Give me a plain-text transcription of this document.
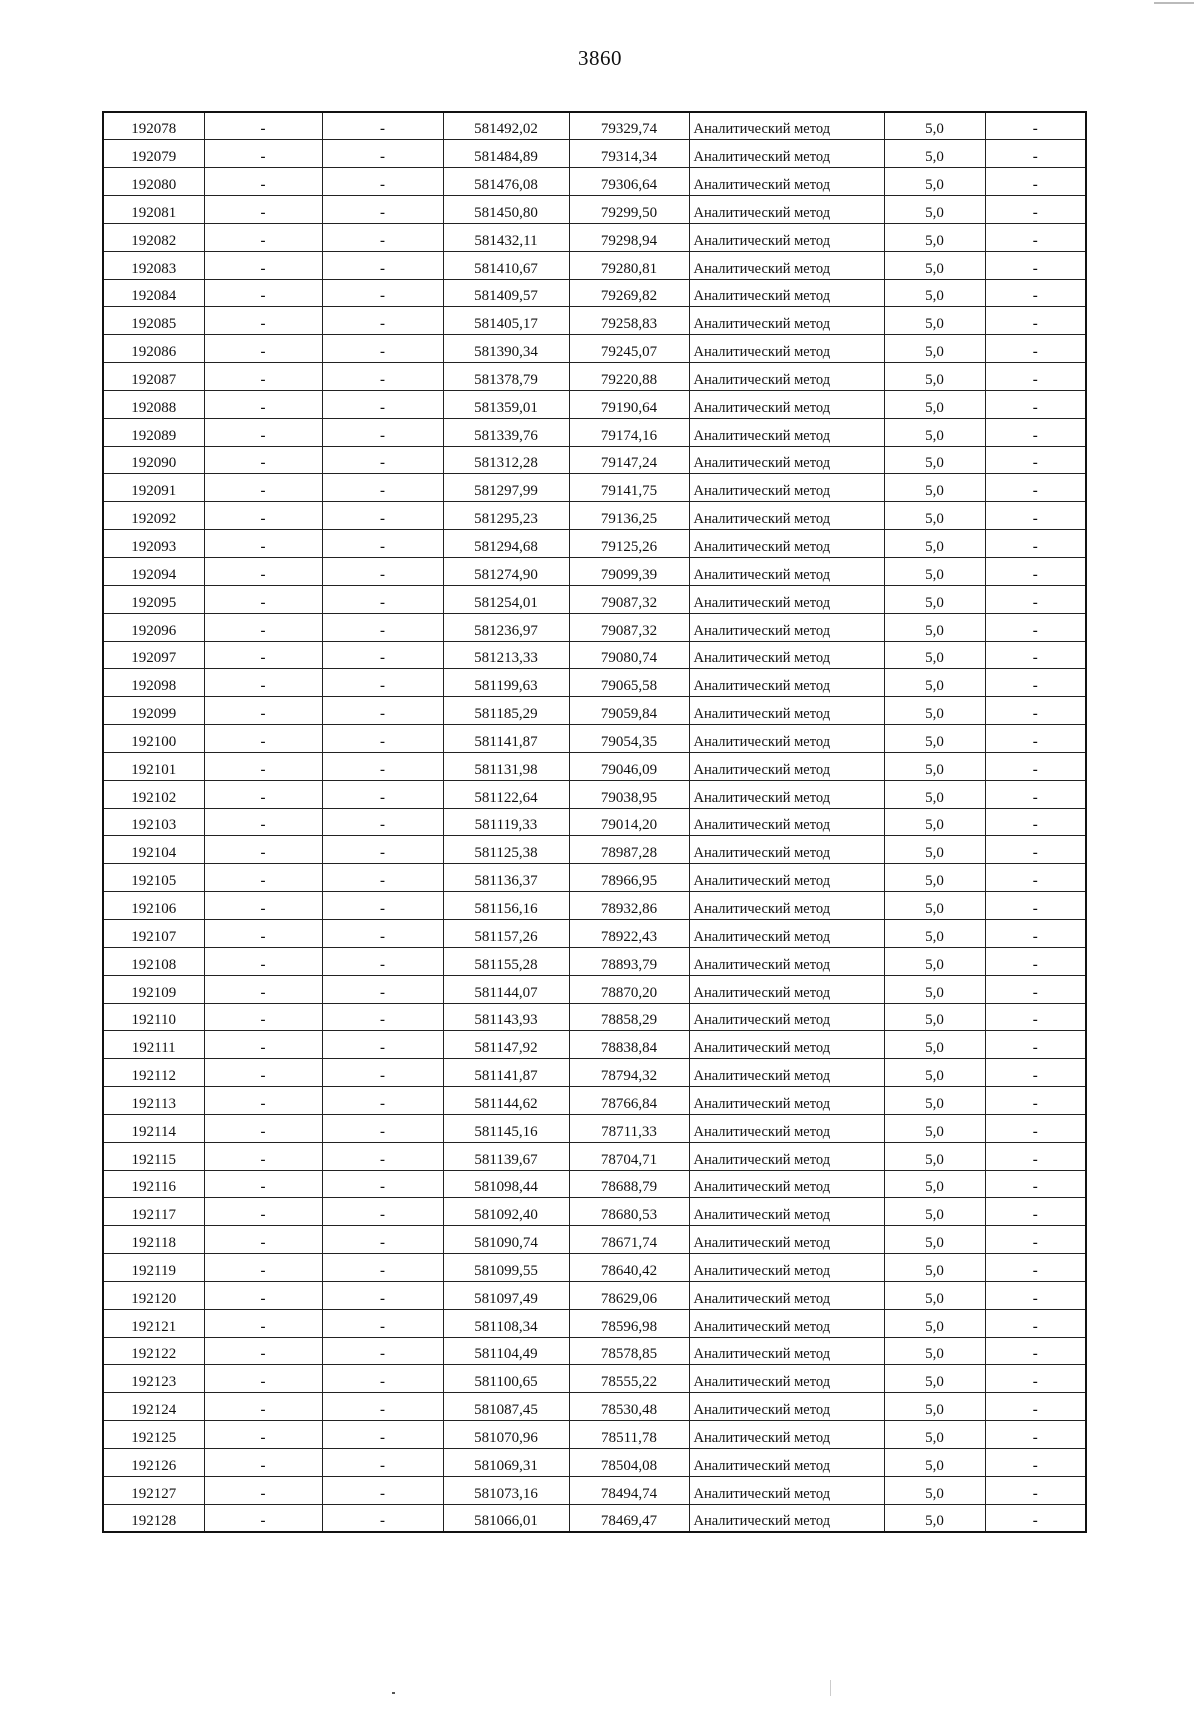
3860
192078	-	-	581492,02	79329,74	Аналитический метод	5,0	-
192079	-	-	581484,89	79314,34	Аналитический метод	5,0	-
192080	-	-	581476,08	79306,64	Аналитический метод	5,0	-
192081	-	-	581450,80	79299,50	Аналитический метод	5,0	-
192082	-	-	581432,11	79298,94	Аналитический метод	5,0	-
192083	-	-	581410,67	79280,81	Аналитический метод	5,0	-
192084	-	-	581409,57	79269,82	Аналитический метод	5,0	-
192085	-	-	581405,17	79258,83	Аналитический метод	5,0	-
192086	-	-	581390,34	79245,07	Аналитический метод	5,0	-
192087	-	-	581378,79	79220,88	Аналитический метод	5,0	-
192088	-	-	581359,01	79190,64	Аналитический метод	5,0	-
192089	-	-	581339,76	79174,16	Аналитический метод	5,0	-
192090	-	-	581312,28	79147,24	Аналитический метод	5,0	-
192091	-	-	581297,99	79141,75	Аналитический метод	5,0	-
192092	-	-	581295,23	79136,25	Аналитический метод	5,0	-
192093	-	-	581294,68	79125,26	Аналитический метод	5,0	-
192094	-	-	581274,90	79099,39	Аналитический метод	5,0	-
192095	-	-	581254,01	79087,32	Аналитический метод	5,0	-
192096	-	-	581236,97	79087,32	Аналитический метод	5,0	-
192097	-	-	581213,33	79080,74	Аналитический метод	5,0	-
192098	-	-	581199,63	79065,58	Аналитический метод	5,0	-
192099	-	-	581185,29	79059,84	Аналитический метод	5,0	-
192100	-	-	581141,87	79054,35	Аналитический метод	5,0	-
192101	-	-	581131,98	79046,09	Аналитический метод	5,0	-
192102	-	-	581122,64	79038,95	Аналитический метод	5,0	-
192103	-	-	581119,33	79014,20	Аналитический метод	5,0	-
192104	-	-	581125,38	78987,28	Аналитический метод	5,0	-
192105	-	-	581136,37	78966,95	Аналитический метод	5,0	-
192106	-	-	581156,16	78932,86	Аналитический метод	5,0	-
192107	-	-	581157,26	78922,43	Аналитический метод	5,0	-
192108	-	-	581155,28	78893,79	Аналитический метод	5,0	-
192109	-	-	581144,07	78870,20	Аналитический метод	5,0	-
192110	-	-	581143,93	78858,29	Аналитический метод	5,0	-
192111	-	-	581147,92	78838,84	Аналитический метод	5,0	-
192112	-	-	581141,87	78794,32	Аналитический метод	5,0	-
192113	-	-	581144,62	78766,84	Аналитический метод	5,0	-
192114	-	-	581145,16	78711,33	Аналитический метод	5,0	-
192115	-	-	581139,67	78704,71	Аналитический метод	5,0	-
192116	-	-	581098,44	78688,79	Аналитический метод	5,0	-
192117	-	-	581092,40	78680,53	Аналитический метод	5,0	-
192118	-	-	581090,74	78671,74	Аналитический метод	5,0	-
192119	-	-	581099,55	78640,42	Аналитический метод	5,0	-
192120	-	-	581097,49	78629,06	Аналитический метод	5,0	-
192121	-	-	581108,34	78596,98	Аналитический метод	5,0	-
192122	-	-	581104,49	78578,85	Аналитический метод	5,0	-
192123	-	-	581100,65	78555,22	Аналитический метод	5,0	-
192124	-	-	581087,45	78530,48	Аналитический метод	5,0	-
192125	-	-	581070,96	78511,78	Аналитический метод	5,0	-
192126	-	-	581069,31	78504,08	Аналитический метод	5,0	-
192127	-	-	581073,16	78494,74	Аналитический метод	5,0	-
192128	-	-	581066,01	78469,47	Аналитический метод	5,0	-
